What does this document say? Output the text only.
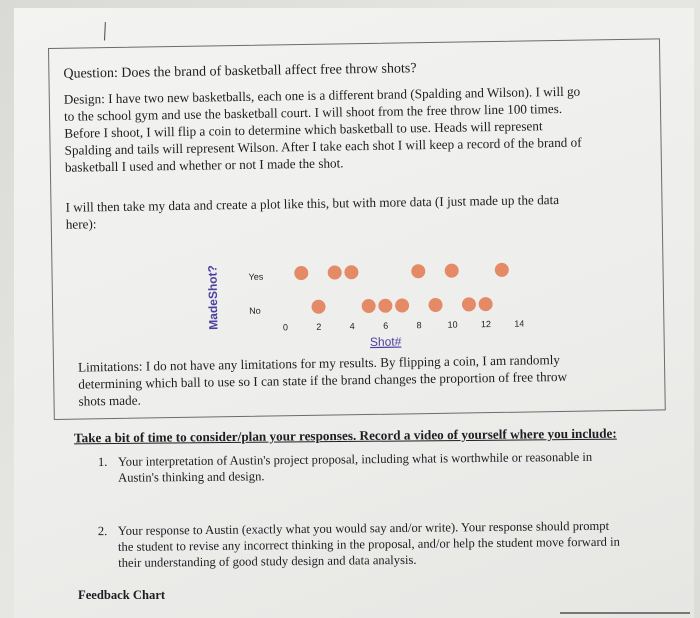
╲
Question: Does the brand of basketball affect free throw shots?
Design: I have two new basketballs, each one is a different brand (Spalding and Wilson). I will go
to the school gym and use the basketball court. I will shoot from the free throw line 100 times.
Before I shoot, I will flip a coin to determine which basketball to use. Heads will represent
Spalding and tails will represent Wilson. After I take each shot I will keep a record of the brand of
basketball I used and whether or not I made the shot.
I will then take my data and create a plot like this, but with more data (I just made up the data
here):
MadeShot?	Yes
No
0	2	4	6	8	10	12	14
Shot#
Limitations: I do not have any limitations for my results. By flipping a coin, I am randomly
determining which ball to use so I can state if the brand changes the proportion of free throw
shots made.
Take a bit of time to consider/plan your responses. Record a video of yourself where you include:
1. Your interpretation of Austin's project proposal, including what is worthwhile or reasonable in
Austin's thinking and design.
2. Your response to Austin (exactly what you would say and/or write). Your response should prompt
the student to revise any incorrect thinking in the proposal, and/or help the student move forward in
their understanding of good study design and data analysis.
Feedback Chart
